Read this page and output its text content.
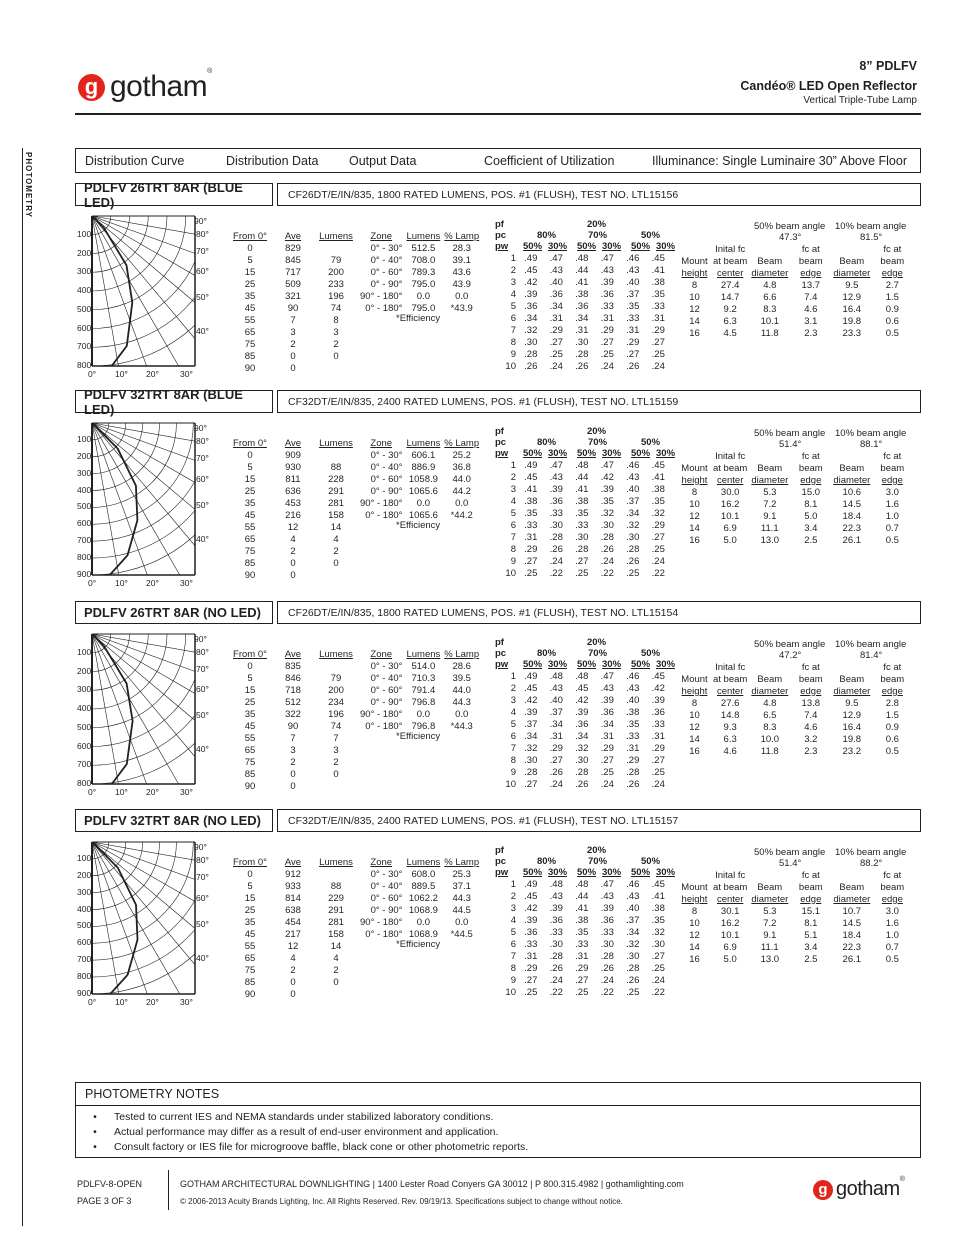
g gotham®	8” PDLFV
Candéo® LED Open Reflector
Vertical Triple-Tube Lamp
PHOTOMETRY	Distribution Curve	Distribution Data Output Data	Coefficient of Utilization	Illuminance: Single Luminaire 30” Above Floor
PDLFV 26TRT 8AR (BLUE LED)	CF26DT/E/IN/835, 1800 RATED LUMENS, POS. #1 (FLUSH), TEST NO. LTL15156
100
200
300
400
500
600
700
800
90°
80°
70°
60°
50°
40°
0° 10° 20° 30°
From 0°	Ave	Lumens
0	829	
5	845	79
15	717	200
25	509	233
35	321	196
45	90	74
55	7	8
65	3	3
75	2	2
85	0	0
90	0	
Zone	Lumens	% Lamp
0° - 30°	512.5	28.3
0° - 40°	708.0	39.1
0° - 60°	789.3	43.6
0° - 90°	795.0	43.9
90° - 180°	0.0	0.0
0° - 180°	795.0	*43.9
*Efficiency
pf
pc
pw
20%
80%	70%	50%
50% 30% 50% 30% 50% 30%
1	.49	.47	.48	.47	.46	.45
2	.45	.43	.44	.43	.43	.41
3	.42	.40	.41	.39	.40	.38
4	.39	.36	.38	.36	.37	.35
5	.36	.34	.36	.33	.35	.33
6	.34	.31	.34	.31	.33	.31
7	.32	.29	.31	.29	.31	.29
8	.30	.27	.30	.27	.29	.27
9	.28	.25	.28	.25	.27	.25
10	.26	.24	.26	.24	.26	.24
50% beam angle 10% beam angle
47.3°	81.5°
	Inital fc		fc at		fc at
Mount	at beam	Beam	beam	Beam	beam
height	center	diameter	edge	diameter	edge
8	27.4	4.8	13.7	9.5	2.7
10	14.7	6.6	7.4	12.9	1.5
12	9.2	8.3	4.6	16.4	0.9
14	6.3	10.1	3.1	19.8	0.6
16	4.5	11.8	2.3	23.3	0.5
PDLFV 32TRT 8AR (BLUE LED)	CF32DT/E/IN/835, 2400 RATED LUMENS, POS. #1 (FLUSH), TEST NO. LTL15159
100
200
300
400
500
600
700
800
900
90°
80°
70°
60°
50°
40°
0° 10° 20° 30°
From 0°	Ave	Lumens
0	909	
5	930	88
15	811	228
25	636	291
35	453	281
45	216	158
55	12	14
65	4	4
75	2	2
85	0	0
90	0	
Zone	Lumens	% Lamp
0° - 30°	606.1	25.2
0° - 40°	886.9	36.8
0° - 60°	1058.9	44.0
0° - 90°	1065.6	44.2
90° - 180°	0.0	0.0
0° - 180°	1065.6	*44.2
*Efficiency
pf
pc
pw
20%
80%	70%	50%
50% 30% 50% 30% 50% 30%
1	.49	.47	.48	.47	.46	.45
2	.45	.43	.44	.42	.43	.41
3	.41	.39	.41	.39	.40	.38
4	.38	.36	.38	.35	.37	.35
5	.35	.33	.35	.32	.34	.32
6	.33	.30	.33	.30	.32	.29
7	.31	.28	.30	.28	.30	.27
8	.29	.26	.28	.26	.28	.25
9	.27	.24	.27	.24	.26	.24
10	.25	.22	.25	.22	.25	.22
50% beam angle 10% beam angle
51.4°	88.1°
	Inital fc		fc at		fc at
Mount	at beam	Beam	beam	Beam	beam
height	center	diameter	edge	diameter	edge
8	30.0	5.3	15.0	10.6	3.0
10	16.2	7.2	8.1	14.5	1.6
12	10.1	9.1	5.0	18.4	1.0
14	6.9	11.1	3.4	22.3	0.7
16	5.0	13.0	2.5	26.1	0.5
PDLFV 26TRT 8AR (NO LED)	CF26DT/E/IN/835, 1800 RATED LUMENS, POS. #1 (FLUSH), TEST NO. LTL15154
100
200
300
400
500
600
700
800
90°
80°
70°
60°
50°
40°
0° 10° 20° 30°
From 0°	Ave	Lumens
0	835	
5	846	79
15	718	200
25	512	234
35	322	196
45	90	74
55	7	7
65	3	3
75	2	2
85	0	0
90	0	
Zone	Lumens	% Lamp
0° - 30°	514.0	28.6
0° - 40°	710.3	39.5
0° - 60°	791.4	44.0
0° - 90°	796.8	44.3
90° - 180°	0.0	0.0
0° - 180°	796.8	*44.3
*Efficiency
pf
pc
pw
20%
80%	70%	50%
50% 30% 50% 30% 50% 30%
1	.49	.48	.48	.47	.46	.45
2	.45	.43	.45	.43	.43	.42
3	.42	.40	.42	.39	.40	.39
4	.39	.37	.39	.36	.38	.36
5	.37	.34	.36	.34	.35	.33
6	.34	.31	.34	.31	.33	.31
7	.32	.29	.32	.29	.31	.29
8	.30	.27	.30	.27	.29	.27
9	.28	.26	.28	.25	.28	.25
10	.27	.24	.26	.24	.26	.24
50% beam angle 10% beam angle
47.2°	81.4°
	Inital fc		fc at		fc at
Mount	at beam	Beam	beam	Beam	beam
height	center	diameter	edge	diameter	edge
8	27.6	4.8	13.8	9.5	2.8
10	14.8	6.5	7.4	12.9	1.5
12	9.3	8.3	4.6	16.4	0.9
14	6.3	10.0	3.2	19.8	0.6
16	4.6	11.8	2.3	23.2	0.5
PDLFV 32TRT 8AR (NO LED)	CF32DT/E/IN/835, 2400 RATED LUMENS, POS. #1 (FLUSH), TEST NO. LTL15157
100
200
300
400
500
600
700
800
900
90°
80°
70°
60°
50°
40°
0° 10° 20° 30°
From 0°	Ave	Lumens
0	912	
5	933	88
15	814	229
25	638	291
35	454	281
45	217	158
55	12	14
65	4	4
75	2	2
85	0	0
90	0	
Zone	Lumens	% Lamp
0° - 30°	608.0	25.3
0° - 40°	889.5	37.1
0° - 60°	1062.2	44.3
0° - 90°	1068.9	44.5
90° - 180°	0.0	0.0
0° - 180°	1068.9	*44.5
*Efficiency
pf
pc
pw
20%
80%	70%	50%
50% 30% 50% 30% 50% 30%
1	.49	.48	.48	.47	.46	.45
2	.45	.43	.44	.43	.43	.41
3	.42	.39	.41	.39	.40	.38
4	.39	.36	.38	.36	.37	.35
5	.36	.33	.35	.33	.34	.32
6	.33	.30	.33	.30	.32	.30
7	.31	.28	.31	.28	.30	.27
8	.29	.26	.29	.26	.28	.25
9	.27	.24	.27	.24	.26	.24
10	.25	.22	.25	.22	.25	.22
50% beam angle 10% beam angle
51.4°	88.2°
	Inital fc		fc at		fc at
Mount	at beam	Beam	beam	Beam	beam
height	center	diameter	edge	diameter	edge
8	30.1	5.3	15.1	10.7	3.0
10	16.2	7.2	8.1	14.5	1.6
12	10.1	9.1	5.1	18.4	1.0
14	6.9	11.1	3.4	22.3	0.7
16	5.0	13.0	2.5	26.1	0.5
PHOTOMETRY NOTES
•	Tested to current IES and NEMA standards under stabilized laboratory conditions.
•	Actual performance may differ as a result of end-user environment and application.
•	Consult factory or IES file for microgroove baffle, black cone or other photometric reports.
PDLFV-8-OPEN
PAGE 3 OF 3
GOTHAM ARCHITECTURAL DOWNLIGHTING | 1400 Lester Road Conyers GA 30012 | P 800.315.4982 | gothamlighting.com
© 2006-2013 Acuity Brands Lighting, Inc. All Rights Reserved. Rev. 09/19/13. Specifications subject to change without notice.
g gotham®
